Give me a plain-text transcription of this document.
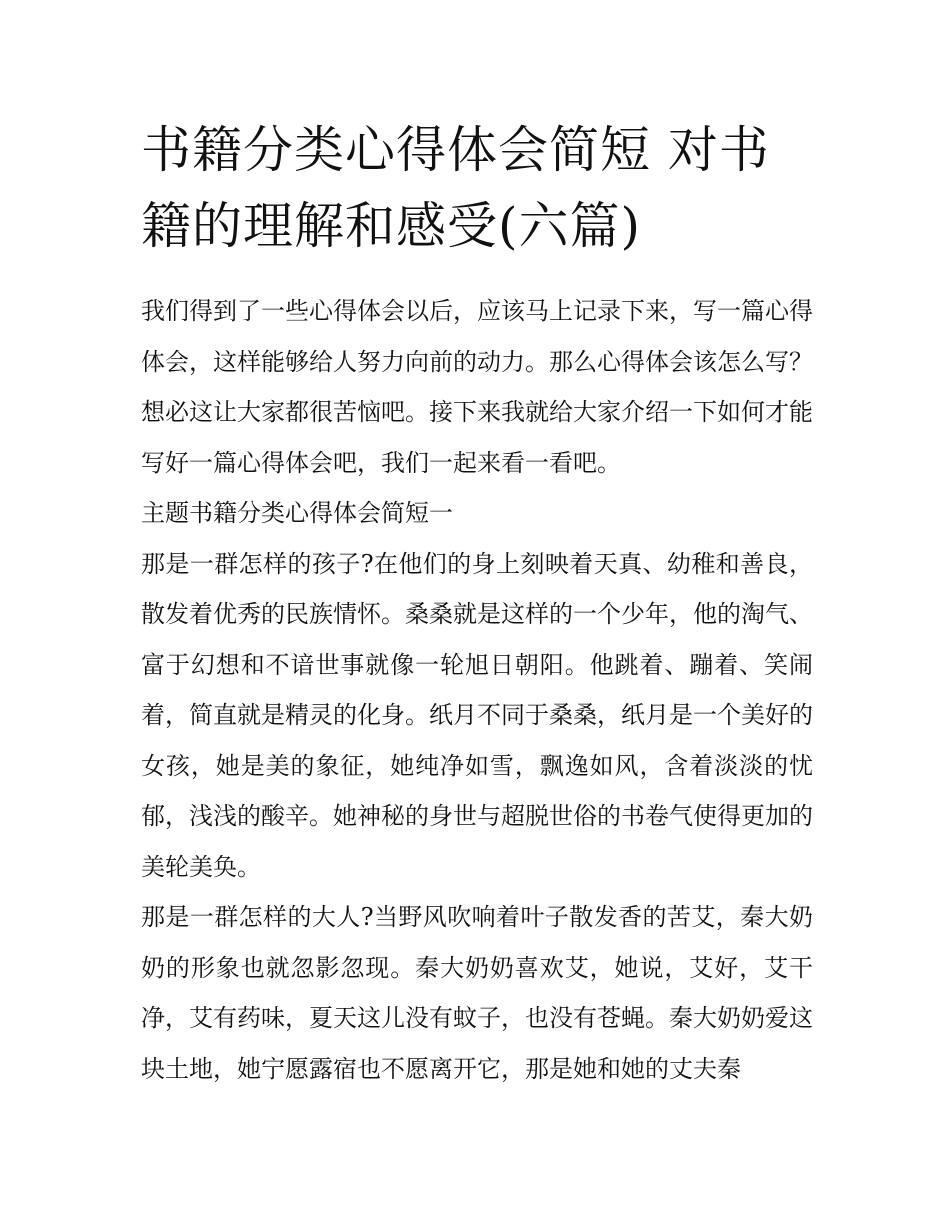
书籍分类心得体会简短 对书籍的理解和感受(六篇)

我们得到了一些心得体会以后，应该马上记录下来，写一篇心得体会，这样能够给人努力向前的动力。那么心得体会该怎么写？想必这让大家都很苦恼吧。接下来我就给大家介绍一下如何才能写好一篇心得体会吧，我们一起来看一看吧。

主题书籍分类心得体会简短一

那是一群怎样的孩子?在他们的身上刻映着天真、幼稚和善良，散发着优秀的民族情怀。桑桑就是这样的一个少年，他的淘气、富于幻想和不谙世事就像一轮旭日朝阳。他跳着、蹦着、笑闹着，简直就是精灵的化身。纸月不同于桑桑，纸月是一个美好的女孩，她是美的象征，她纯净如雪，飘逸如风，含着淡淡的忧郁，浅浅的酸辛。她神秘的身世与超脱世俗的书卷气使得更加的美轮美奂。

那是一群怎样的大人?当野风吹响着叶子散发香的苦艾，秦大奶奶的形象也就忽影忽现。秦大奶奶喜欢艾，她说，艾好，艾干净，艾有药味，夏天这儿没有蚊子，也没有苍蝇。秦大奶奶爱这块土地，她宁愿露宿也不愿离开它，那是她和她的丈夫秦
